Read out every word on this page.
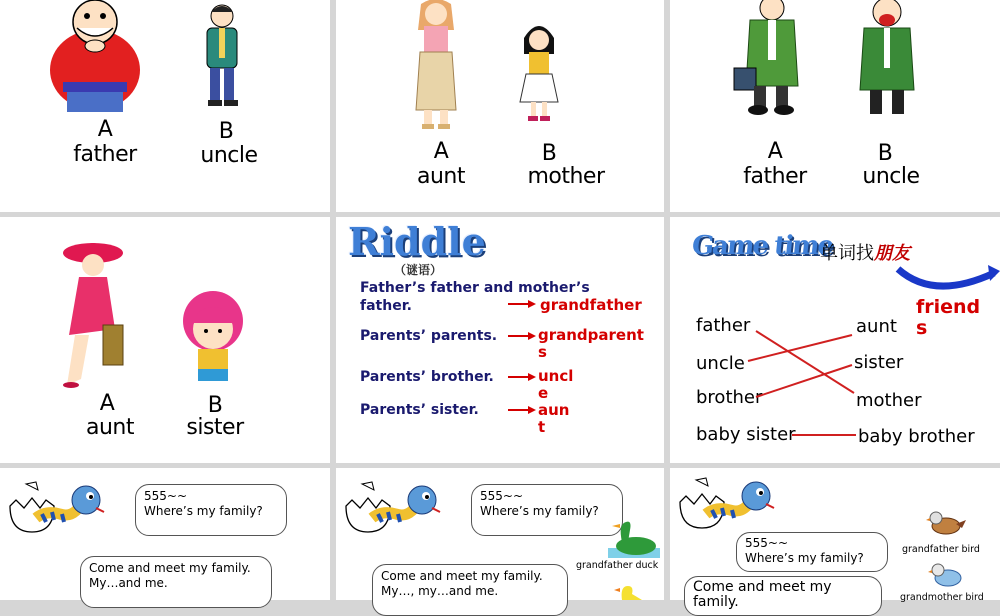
A
father
B
uncle	A
aunt
B
mother
A
father
B
uncle
A
aunt
B
sister
Riddle
（谜语）
Father’s father and mother’s father.	grandfather
Parents’ parents.	grandparents
Parents’ brother.	uncle
Parents’ sister.	aunt
Game time
单词找朋友
friends
father
uncle
brother
baby sister
aunt
sister
mother
baby brother
555~~
Where’s my family?
Come and meet my family.
My…and me.
555~~
Where’s my family?
grandfather duck
Come and meet my family.
My…, my…and me.
555~~
Where’s my family?
grandfather bird
grandmother bird
Come and meet my family.
